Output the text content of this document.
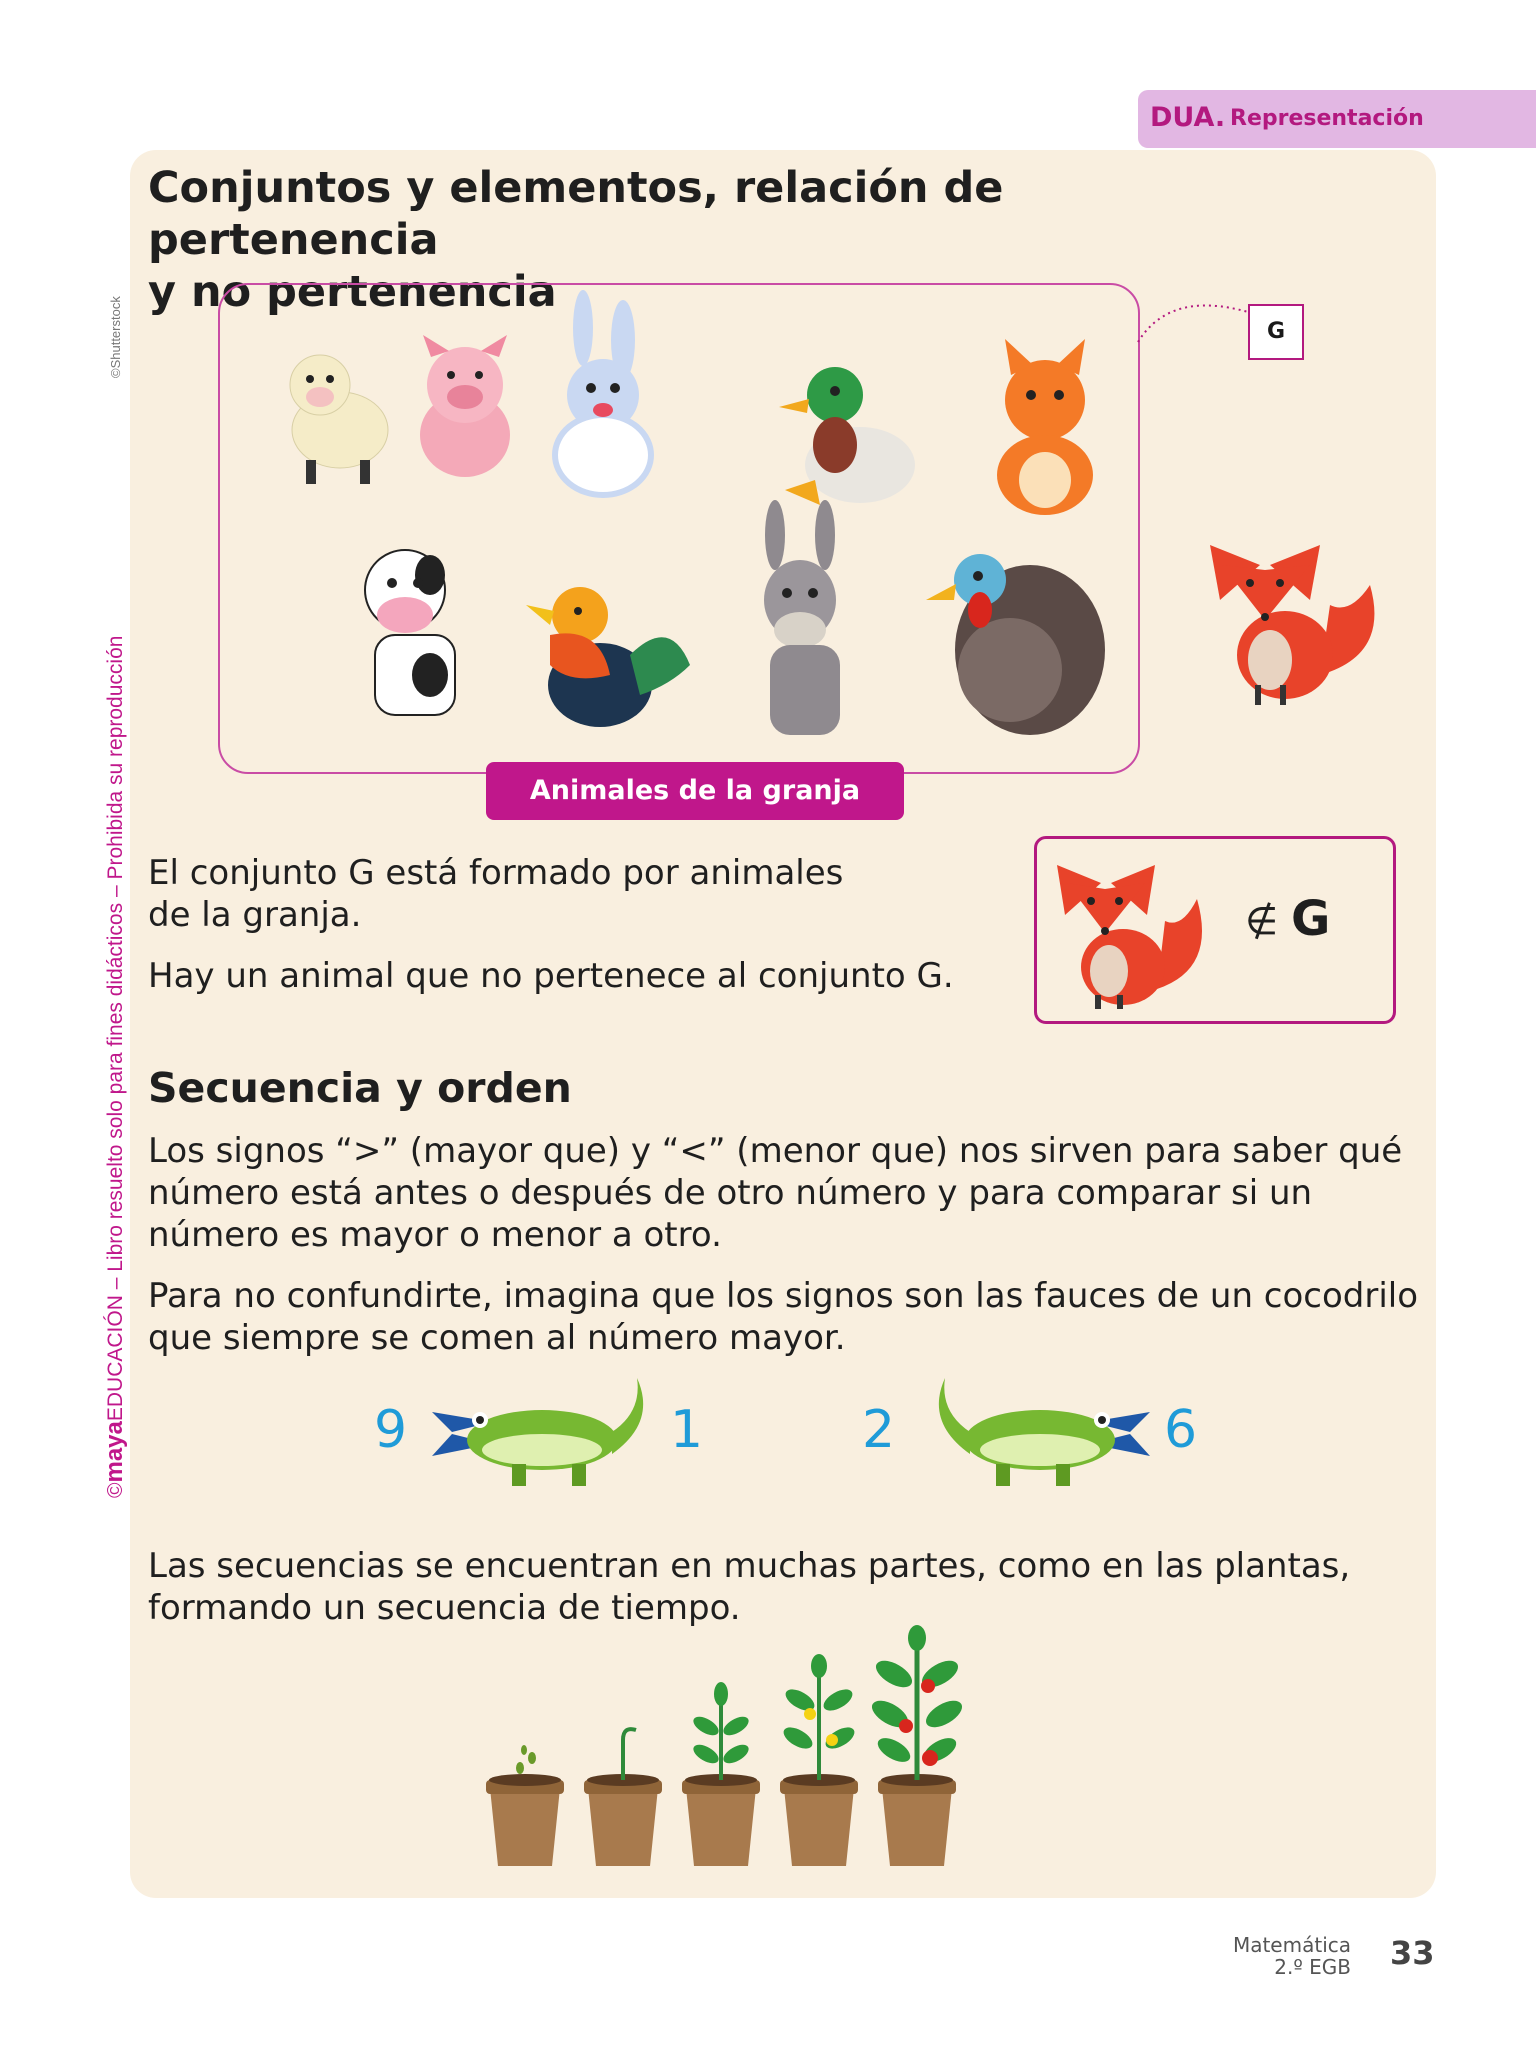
©Shutterstock
©mayaEDUCACIÓN – Libro resuelto solo para fines didácticos – Prohibida su reproducción
DUA. Representación
Conjuntos y elementos, relación de pertenencia
y no pertenencia
Animales de la granja
G
El conjunto G está formado por animales
de la granja.
Hay un animal que no pertenece al conjunto G.
∉ G
Secuencia y orden
Los signos “>” (mayor que) y “<” (menor que) nos sirven para saber qué
número está antes o después de otro número y para comparar si un
número es mayor o menor a otro.
Para no confundirte, imagina que los signos son las fauces de un cocodrilo
que siempre se comen al número mayor.
9	1	2	6
Las secuencias se encuentran en muchas partes, como en las plantas,
formando un secuencia de tiempo.
Matemática
2.º EGB 33
